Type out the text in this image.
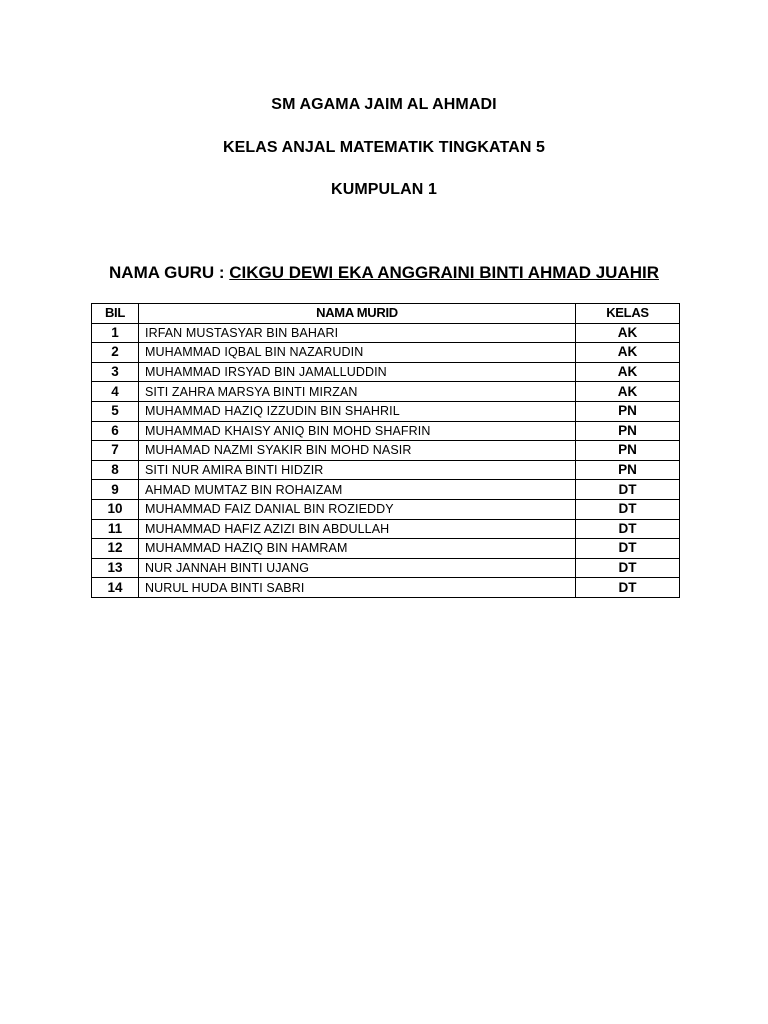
SM AGAMA JAIM AL AHMADI
KELAS ANJAL MATEMATIK TINGKATAN 5
KUMPULAN 1
NAMA GURU : CIKGU DEWI EKA ANGGRAINI BINTI AHMAD JUAHIR
BIL	NAMA MURID	KELAS
1	IRFAN MUSTASYAR BIN BAHARI	AK
2	MUHAMMAD IQBAL BIN NAZARUDIN	AK
3	MUHAMMAD IRSYAD BIN JAMALLUDDIN	AK
4	SITI ZAHRA MARSYA BINTI MIRZAN	AK
5	MUHAMMAD HAZIQ IZZUDIN BIN SHAHRIL	PN
6	MUHAMMAD KHAISY ANIQ BIN MOHD SHAFRIN	PN
7	MUHAMAD NAZMI SYAKIR BIN MOHD NASIR	PN
8	SITI NUR AMIRA BINTI HIDZIR	PN
9	AHMAD MUMTAZ BIN ROHAIZAM	DT
10	MUHAMMAD FAIZ DANIAL BIN ROZIEDDY	DT
11	MUHAMMAD HAFIZ AZIZI BIN ABDULLAH	DT
12	MUHAMMAD HAZIQ BIN HAMRAM	DT
13	NUR JANNAH BINTI UJANG	DT
14	NURUL HUDA BINTI SABRI	DT
